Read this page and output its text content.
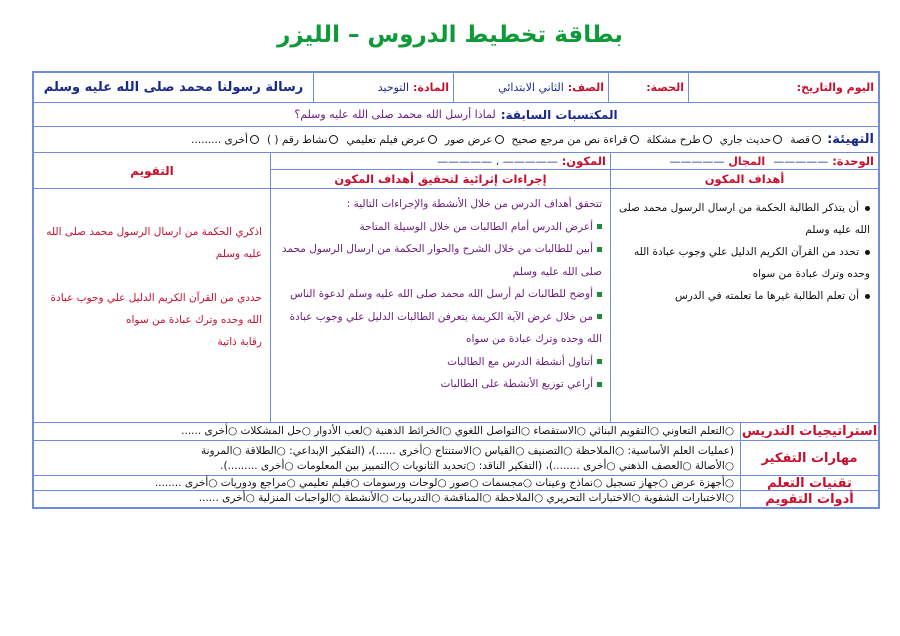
بطاقة تخطيط الدروس – الليزر
اليوم والتاريخ:
الحصة:
الصف:
الثاني الابتدائي
المادة:
التوحيد
رسالة رسولنا محمد صلى الله عليه وسلم
المكتسبات السابقة:
لماذا أرسل الله محمد صلى الله عليه وسلم؟
التهيئة:
قصة
حديث جاري
طرح مشكلة
قراءة نص من مرجع صحيح
عرض صور
عرض فيلم تعليمي
نشاط رقم ( )
أخرى .........
الوحدة:
—————
المجال
—————
أهداف المكون
المكون:
————— ، —————
إجراءات إثرائية لتحقيق أهداف المكون
التقويم

أن يتذكر الطالبة الحكمة من ارسال الرسول محمد صلى الله عليه وسلم

تحدد من القرآن الكريم الدليل علي وجوب عبادة الله وحده وترك عبادة من سواه

أن تعلم الطالبة غيرها ما تعلمته في الدرس

تتحقق أهداف الدرس من خلال الأنشطة والإجراءات التالية :

أعرض الدرس أمام الطالبات من خلال الوسيلة المتاحة

أبين للطالبات من خلال الشرح والحوار الحكمة من ارسال الرسول محمد صلى الله عليه وسلم

أوضح للطالبات لم أرسل الله محمد صلى الله عليه وسلم لدعوة الناس

من خلال عرض الآية الكريمة يتعرفن الطالبات الدليل علي وجوب عبادة الله وحده وترك عبادة من سواه

أتناول أنشطة الدرس مع الطالبات

أراعي توزيع الأنشطة على الطالبات

اذكري الحكمة من ارسال الرسول محمد صلى الله عليه وسلم

حددي من القرآن الكريم الدليل علي وجوب عبادة الله وحده وترك عبادة من سواه

رقابة ذاتية

استراتيجيات التدريس
○التعلم التعاوني ○التقويم البنائي ○الاستقصاء ○التواصل اللغوي ○الخرائط الذهنية ○لعب الأدوار ○حل المشكلات ○أخرى ......
مهارات التفكير
(عمليات العلم الأساسية: ○الملاحظة ○التصنيف ○القياس ○الاستنتاج ○أخرى ......)، (التفكير الإبداعي: ○الطلاقة ○المرونة
○الأصالة ○العصف الذهني ○أخرى ........)، (التفكير الناقد: ○تحديد الثانويات ○التمييز بين المعلومات ○أخرى .........).
تقنيات التعلم
○أجهزة عرض ○جهاز تسجيل ○نماذج وعينات ○مجسمات ○صور ○لوحات ورسومات ○فيلم تعليمي ○مراجع ودوريات ○أخرى ........
أدوات التقويم
○الاختبارات الشفوية ○الاختبارات التحريري ○الملاحظة ○المناقشة ○التدريبات ○الأنشطة ○الواجبات المنزلية ○أخرى ......
